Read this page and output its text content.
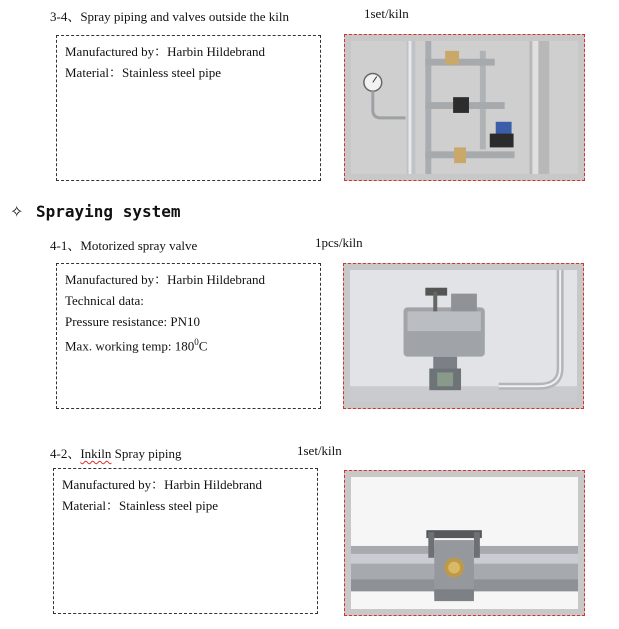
3-4、Spray piping and valves outside the kiln	1set/kiln
Manufactured by：Harbin Hildebrand
Material：Stainless steel pipe
✧ Spraying system
4-1、Motorized spray valve	1pcs/kiln
Manufactured by：Harbin Hildebrand
Technical data:
Pressure resistance: PN10
Max. working temp: $180^0C$
4-2、Inkiln Spray piping	1set/kiln
Manufactured by：Harbin Hildebrand
Material：Stainless steel pipe
